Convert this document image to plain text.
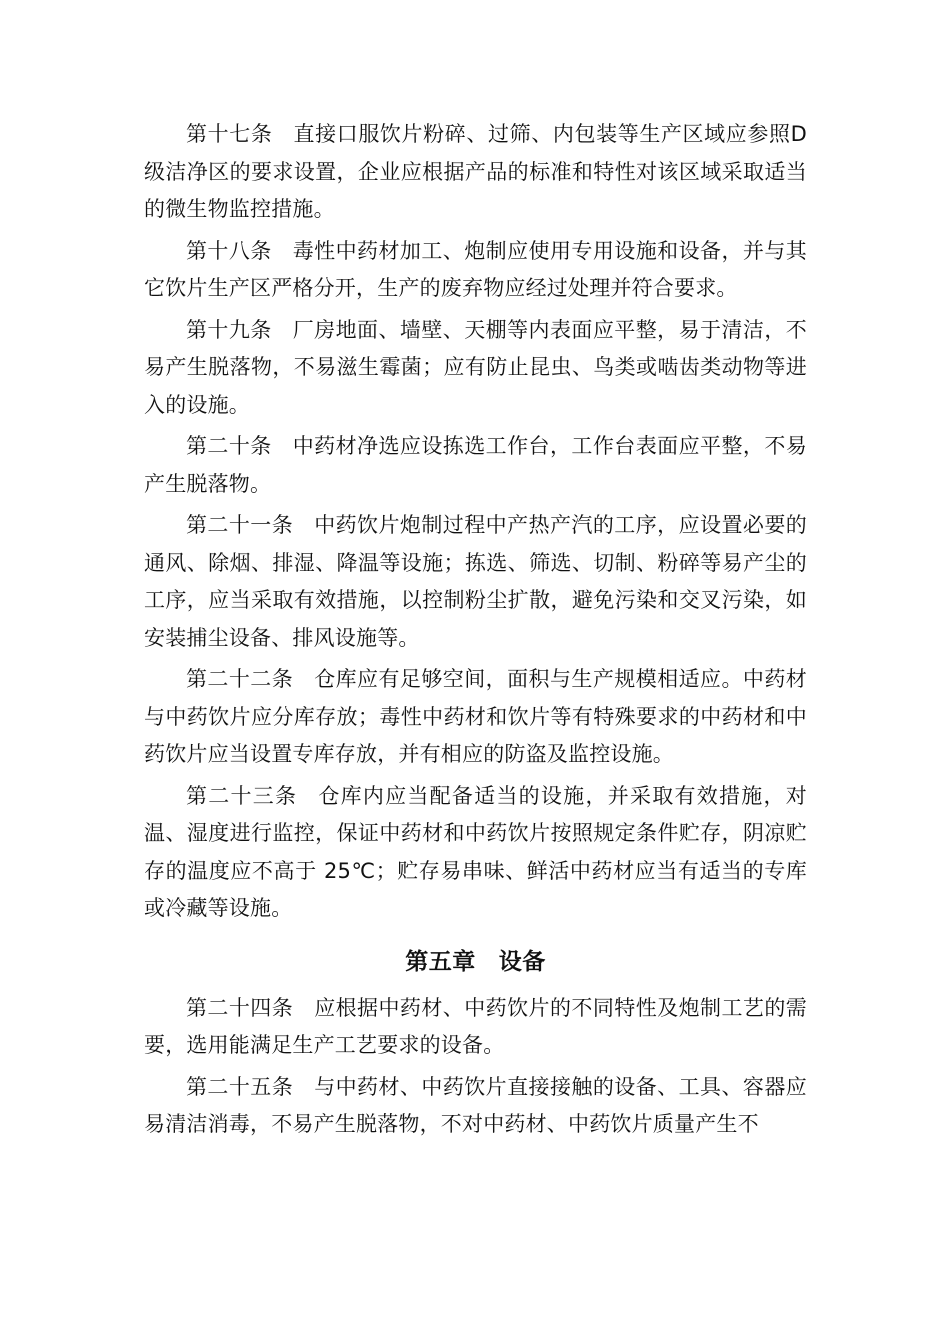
第十七条 直接口服饮片粉碎、过筛、内包装等生产区域应参照D级洁净区的要求设置，企业应根据产品的标准和特性对该区域采取适当的微生物监控措施。

第十八条 毒性中药材加工、炮制应使用专用设施和设备，并与其它饮片生产区严格分开，生产的废弃物应经过处理并符合要求。

第十九条 厂房地面、墙壁、天棚等内表面应平整，易于清洁，不易产生脱落物，不易滋生霉菌；应有防止昆虫、鸟类或啮齿类动物等进入的设施。

第二十条 中药材净选应设拣选工作台，工作台表面应平整，不易产生脱落物。

第二十一条 中药饮片炮制过程中产热产汽的工序，应设置必要的通风、除烟、排湿、降温等设施；拣选、筛选、切制、粉碎等易产尘的工序，应当采取有效措施，以控制粉尘扩散，避免污染和交叉污染，如安装捕尘设备、排风设施等。

第二十二条 仓库应有足够空间，面积与生产规模相适应。中药材与中药饮片应分库存放；毒性中药材和饮片等有特殊要求的中药材和中药饮片应当设置专库存放，并有相应的防盗及监控设施。

第二十三条 仓库内应当配备适当的设施，并采取有效措施，对温、湿度进行监控，保证中药材和中药饮片按照规定条件贮存，阴凉贮存的温度应不高于 25℃；贮存易串味、鲜活中药材应当有适当的专库或冷藏等设施。

第五章 设备

第二十四条 应根据中药材、中药饮片的不同特性及炮制工艺的需要，选用能满足生产工艺要求的设备。

第二十五条 与中药材、中药饮片直接接触的设备、工具、容器应易清洁消毒，不易产生脱落物，不对中药材、中药饮片质量产生不
